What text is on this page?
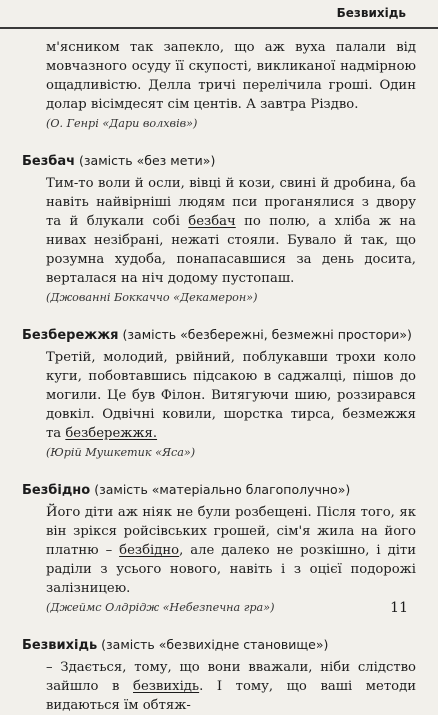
Безвихідь

м'ясником так запекло, що аж вуха палали від мовчазного осуду її скупості, викликаної надмірною ощадливістю. Делла тричі перелічила гроші. Один долар вісімдесят сім центів. А завтра Різдво.

(О. Генрі «Дари волхвів»)

Безбач (замість «без мети»)

Тим-то воли й осли, вівці й кози, свині й дробина, ба навіть найвірніші людям пси проганялися з двору та й блукали собі безбач по полю, а хліба ж на нивах незібрані, нежаті стояли. Бувало й так, що розумна худоба, понапасавшися за день досита, верталася на ніч додому пустопаш.

(Джованні Боккаччо «Декамерон»)

Безбережжя (замість «безбережні, безмежні простори»)

Третій, молодий, рвійний, поблукавши трохи коло куги, побовтавшись підсакою в саджалці, пішов до могили. Це був Філон. Витягуючи шию, роззирався довкіл. Одвічні ковили, шорстка тирса, безмежжя та безбережжя.

(Юрій Мушкетик «Яса»)

Безбідно (замість «матеріально благополучно»)

Його діти аж ніяк не були розбещені. Після того, як він зрікся ройсівських грошей, сім'я жила на його платню – безбідно, але далеко не розкішно, і діти раділи з усього нового, навіть і з оцієї подорожі залізницею.

(Джеймс Олдрідж «Небезпечна гра»)

Безвихідь (замість «безвихідне становище»)

– Здається, тому, що вони вважали, ніби слідство зайшло в безвихідь. І тому, що ваші методи видаються їм обтяж-

11
